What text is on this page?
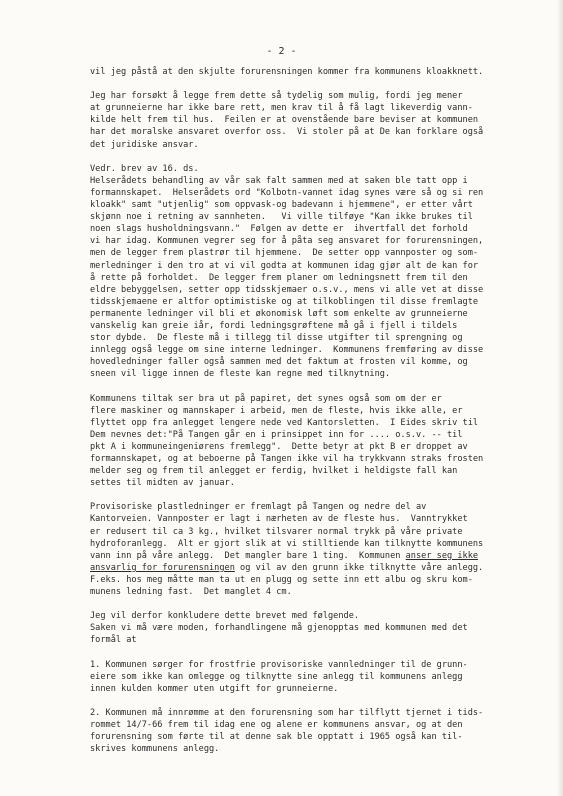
- 2 -
vil jeg påstå at den skjulte forurensningen kommer fra kommunens kloakknett.
Jeg har forsøkt å legge frem dette så tydelig som mulig, fordi jeg mener
at grunneierne har ikke bare rett, men krav til å få lagt likeverdig vann-
kilde helt frem til hus.  Feilen er at ovenstående bare beviser at kommunen
har det moralske ansvaret overfor oss.  Vi stoler på at De kan forklare også
det juridiske ansvar.
Vedr. brev av 16. ds.
Helserådets behandling av vår sak falt sammen med at saken ble tatt opp i
formannskapet.  Helserådets ord "Kolbotn-vannet idag synes være så og si ren
kloakk" samt "utjenlig" som oppvask-og badevann i hjemmene", er etter vårt
skjønn noe i retning av sannheten.   Vi ville tilføye "Kan ikke brukes til
noen slags husholdningsvann."  Følgen av dette er  ihvertfall det forhold
vi har idag. Kommunen vegrer seg for å påta seg ansvaret for forurensningen,
men de legger frem plastrør til hjemmene.  De setter opp vannposter og som-
merledninger i den tro at vi vil godta at kommunen idag gjør alt de kan for
å rette på forholdet.  De legger frem planer om ledningsnett frem til den
eldre bebyggelsen, setter opp tidsskjemaer o.s.v., mens vi alle vet at disse
tidsskjemaene er altfor optimistiske og at tilkoblingen til disse fremlagte
permanente ledninger vil bli et økonomisk løft som enkelte av grunneierne
vanskelig kan greie iår, fordi ledningsgrøftene må gå i fjell i tildels
stor dybde.  De fleste må i tillegg til disse utgifter til sprengning og
innlegg også legge om sine interne ledninger.  Kommunens fremføring av disse
hovedledninger faller også sammen med det faktum at frosten vil komme, og
sneen vil ligge innen de fleste kan regne med tilknytning.
Kommunens tiltak ser bra ut på papiret, det synes også som om der er
flere maskiner og mannskaper i arbeid, men de fleste, hvis ikke alle, er
flyttet opp fra anlegget lengere nede ved Kantorsletten.  I Eides skriv til
Dem nevnes det:"På Tangen går en i prinsippet inn for .... o.s.v. -- til
pkt A i kommuneingeniørens fremlegg".  Dette betyr at pkt B er droppet av
formannskapet, og at beboerne på Tangen ikke vil ha trykkvann straks frosten
melder seg og frem til anlegget er ferdig, hvilket i heldigste fall kan
settes til midten av januar.
Provisoriske plastledninger er fremlagt på Tangen og nedre del av
Kantorveien. Vannposter er lagt i nærheten av de fleste hus.  Vanntrykket
er redusert til ca 3 kg., hvilket tilsvarer normal trykk på våre private
hydroforanlegg.  Alt er gjort slik at vi stilltiende kan tilknytte kommunens
vann inn på våre anlegg.  Det mangler bare 1 ting.  Kommunen anser seg ikke
ansvarlig for forurensningen og vil av den grunn ikke tilknytte våre anlegg.
F.eks. hos meg måtte man ta ut en plugg og sette inn ett albu og skru kom-
munens ledning fast.  Det manglet 4 cm.
Jeg vil derfor konkludere dette brevet med følgende.
Saken vi må være moden, forhandlingene må gjenopptas med kommunen med det
formål at
1. Kommunen sørger for frostfrie provisoriske vannledninger til de grunn-
eiere som ikke kan omlegge og tilknytte sine anlegg til kommunens anlegg
innen kulden kommer uten utgift for grunneierne.
2. Kommunen må innrømme at den forurensning som har tilflytt tjernet i tids-
rommet 14/7-66 frem til idag ene og alene er kommunens ansvar, og at den
forurensning som førte til at denne sak ble opptatt i 1965 også kan til-
skrives kommunens anlegg.
